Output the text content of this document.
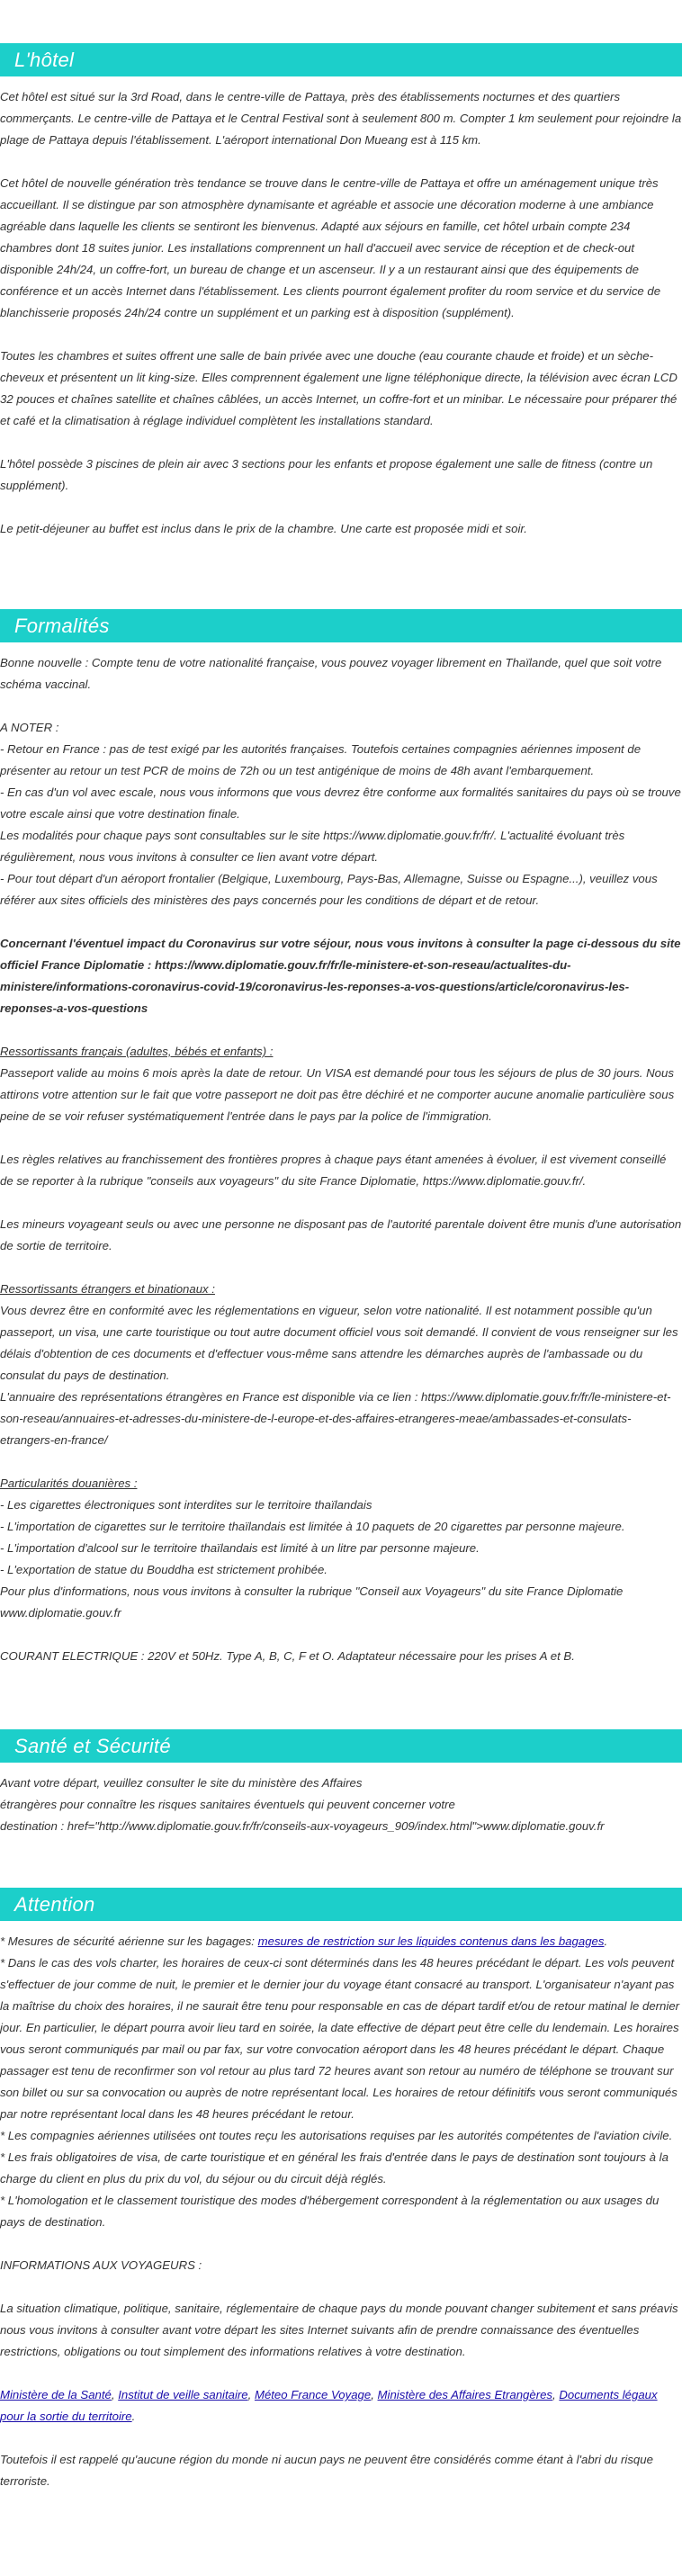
L'hôtel

Cet hôtel est situé sur la 3rd Road, dans le centre-ville de Pattaya, près des établissements nocturnes et des quartiers commerçants. Le centre-ville de Pattaya et le Central Festival sont à seulement 800 m. Compter 1 km seulement pour rejoindre la plage de Pattaya depuis l'établissement. L'aéroport international Don Mueang est à 115 km.

Cet hôtel de nouvelle génération très tendance se trouve dans le centre-ville de Pattaya et offre un aménagement unique très accueillant. Il se distingue par son atmosphère dynamisante et agréable et associe une décoration moderne à une ambiance agréable dans laquelle les clients se sentiront les bienvenus. Adapté aux séjours en famille, cet hôtel urbain compte 234 chambres dont 18 suites junior. Les installations comprennent un hall d'accueil avec service de réception et de check-out disponible 24h/24, un coffre-fort, un bureau de change et un ascenseur. Il y a un restaurant ainsi que des équipements de conférence et un accès Internet dans l'établissement. Les clients pourront également profiter du room service et du service de blanchisserie proposés 24h/24 contre un supplément et un parking est à disposition (supplément).

Toutes les chambres et suites offrent une salle de bain privée avec une douche (eau courante chaude et froide) et un sèche-cheveux et présentent un lit king-size. Elles comprennent également une ligne téléphonique directe, la télévision avec écran LCD 32 pouces et chaînes satellite et chaînes câblées, un accès Internet, un coffre-fort et un minibar. Le nécessaire pour préparer thé et café et la climatisation à réglage individuel complètent les installations standard.

L'hôtel possède 3 piscines de plein air avec 3 sections pour les enfants et propose également une salle de fitness (contre un supplément).

Le petit-déjeuner au buffet est inclus dans le prix de la chambre. Une carte est proposée midi et soir.

Formalités

Bonne nouvelle : Compte tenu de votre nationalité française, vous pouvez voyager librement en Thaïlande, quel que soit votre schéma vaccinal.

A NOTER :

- Retour en France : pas de test exigé par les autorités françaises. Toutefois certaines compagnies aériennes imposent de présenter au retour un test PCR de moins de 72h ou un test antigénique de moins de 48h avant l'embarquement.

- En cas d'un vol avec escale, nous vous informons que vous devrez être conforme aux formalités sanitaires du pays où se trouve votre escale ainsi que votre destination finale.

Les modalités pour chaque pays sont consultables sur le site https://www.diplomatie.gouv.fr/fr/. L'actualité évoluant très régulièrement, nous vous invitons à consulter ce lien avant votre départ.

- Pour tout départ d'un aéroport frontalier (Belgique, Luxembourg, Pays-Bas, Allemagne, Suisse ou Espagne...), veuillez vous référer aux sites officiels des ministères des pays concernés pour les conditions de départ et de retour.

Concernant l'éventuel impact du Coronavirus sur votre séjour, nous vous invitons à consulter la page ci-dessous du site officiel France Diplomatie : https://www.diplomatie.gouv.fr/fr/le-ministere-et-son-reseau/actualites-du-ministere/informations-coronavirus-covid-19/coronavirus-les-reponses-a-vos-questions/article/coronavirus-les-reponses-a-vos-questions

Ressortissants français (adultes, bébés et enfants) :

Passeport valide au moins 6 mois après la date de retour. Un VISA est demandé pour tous les séjours de plus de 30 jours. Nous attirons votre attention sur le fait que votre passeport ne doit pas être déchiré et ne comporter aucune anomalie particulière sous peine de se voir refuser systématiquement l'entrée dans le pays par la police de l'immigration.

Les règles relatives au franchissement des frontières propres à chaque pays étant amenées à évoluer, il est vivement conseillé de se reporter à la rubrique "conseils aux voyageurs" du site France Diplomatie, https://www.diplomatie.gouv.fr/.

Les mineurs voyageant seuls ou avec une personne ne disposant pas de l'autorité parentale doivent être munis d'une autorisation de sortie de territoire.

Ressortissants étrangers et binationaux :

Vous devrez être en conformité avec les réglementations en vigueur, selon votre nationalité. Il est notamment possible qu'un passeport, un visa, une carte touristique ou tout autre document officiel vous soit demandé. Il convient de vous renseigner sur les délais d'obtention de ces documents et d'effectuer vous-même sans attendre les démarches auprès de l'ambassade ou du consulat du pays de destination.

L'annuaire des représentations étrangères en France est disponible via ce lien : https://www.diplomatie.gouv.fr/fr/le-ministere-et-son-reseau/annuaires-et-adresses-du-ministere-de-l-europe-et-des-affaires-etrangeres-meae/ambassades-et-consulats-etrangers-en-france/

Particularités douanières :

- Les cigarettes électroniques sont interdites sur le territoire thaïlandais

- L'importation de cigarettes sur le territoire thaïlandais est limitée à 10 paquets de 20 cigarettes par personne majeure.

- L'importation d'alcool sur le territoire thaïlandais est limité à un litre par personne majeure.

- L'exportation de statue du Bouddha est strictement prohibée.

Pour plus d'informations, nous vous invitons à consulter la rubrique "Conseil aux Voyageurs" du site France Diplomatie www.diplomatie.gouv.fr

COURANT ELECTRIQUE : 220V et 50Hz. Type A, B, C, F et O. Adaptateur nécessaire pour les prises A et B.

Santé et Sécurité

Avant votre départ, veuillez consulter le site du ministère des Affaires

étrangères pour connaître les risques sanitaires éventuels qui peuvent concerner votre

destination : href="http://www.diplomatie.gouv.fr/fr/conseils-aux-voyageurs_909/index.html">www.diplomatie.gouv.fr

Attention

* Mesures de sécurité aérienne sur les bagages: mesures de restriction sur les liquides contenus dans les bagages.

* Dans le cas des vols charter, les horaires de ceux-ci sont déterminés dans les 48 heures précédant le départ. Les vols peuvent s'effectuer de jour comme de nuit, le premier et le dernier jour du voyage étant consacré au transport. L'organisateur n'ayant pas la maîtrise du choix des horaires, il ne saurait être tenu pour responsable en cas de départ tardif et/ou de retour matinal le dernier jour. En particulier, le départ pourra avoir lieu tard en soirée, la date effective de départ peut être celle du lendemain. Les horaires vous seront communiqués par mail ou par fax, sur votre convocation aéroport dans les 48 heures précédant le départ. Chaque passager est tenu de reconfirmer son vol retour au plus tard 72 heures avant son retour au numéro de téléphone se trouvant sur son billet ou sur sa convocation ou auprès de notre représentant local. Les horaires de retour définitifs vous seront communiqués par notre représentant local dans les 48 heures précédant le retour.

* Les compagnies aériennes utilisées ont toutes reçu les autorisations requises par les autorités compétentes de l'aviation civile.

* Les frais obligatoires de visa, de carte touristique et en général les frais d'entrée dans le pays de destination sont toujours à la charge du client en plus du prix du vol, du séjour ou du circuit déjà réglés.

* L'homologation et le classement touristique des modes d'hébergement correspondent à la réglementation ou aux usages du pays de destination.

INFORMATIONS AUX VOYAGEURS :

La situation climatique, politique, sanitaire, réglementaire de chaque pays du monde pouvant changer subitement et sans préavis nous vous invitons à consulter avant votre départ les sites Internet suivants afin de prendre connaissance des éventuelles restrictions, obligations ou tout simplement des informations relatives à votre destination.

Ministère de la Santé, Institut de veille sanitaire, Méteo France Voyage, Ministère des Affaires Etrangères, Documents légaux pour la sortie du territoire.

Toutefois il est rappelé qu'aucune région du monde ni aucun pays ne peuvent être considérés comme étant à l'abri du risque terroriste.
